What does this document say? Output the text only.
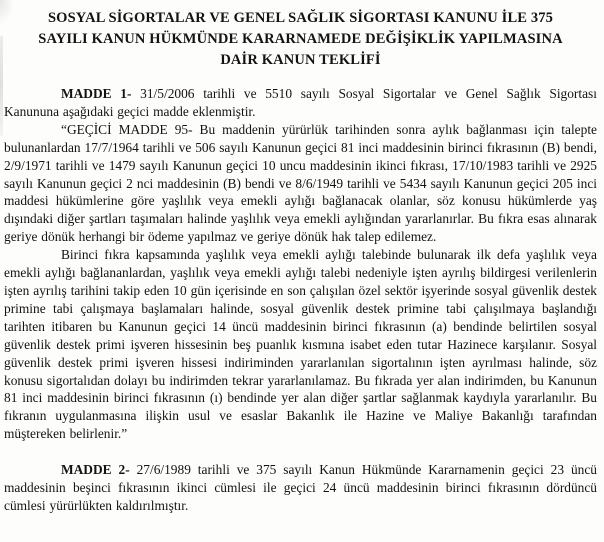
SOSYAL SİGORTALAR VE GENEL SAĞLIK SİGORTASI KANUNU İLE 375
SAYILI KANUN HÜKMÜNDE KARARNAMEDE DEĞİŞİKLİK YAPILMASINA
DAİR KANUN TEKLİFİ

MADDE 1- 31/5/2006 tarihli ve 5510 sayılı Sosyal Sigortalar ve Genel Sağlık Sigortası Kanununa aşağıdaki geçici madde eklenmiştir.

“GEÇİCİ MADDE 95- Bu maddenin yürürlük tarihinden sonra aylık bağlanması için talepte bulunanlardan 17/7/1964 tarihli ve 506 sayılı Kanunun geçici 81 inci maddesinin birinci fıkrasının (B) bendi, 2/9/1971 tarihli ve 1479 sayılı Kanunun geçici 10 uncu maddesinin ikinci fıkrası, 17/10/1983 tarihli ve 2925 sayılı Kanunun geçici 2 nci maddesinin (B) bendi ve 8/6/1949 tarihli ve 5434 sayılı Kanunun geçici 205 inci maddesi hükümlerine göre yaşlılık veya emekli aylığı bağlanacak olanlar, söz konusu hükümlerde yaş dışındaki diğer şartları taşımaları halinde yaşlılık veya emekli aylığından yararlanırlar. Bu fıkra esas alınarak geriye dönük herhangi bir ödeme yapılmaz ve geriye dönük hak talep edilemez.

Birinci fıkra kapsamında yaşlılık veya emekli aylığı talebinde bulunarak ilk defa yaşlılık veya emekli aylığı bağlananlardan, yaşlılık veya emekli aylığı talebi nedeniyle işten ayrılış bildirgesi verilenlerin işten ayrılış tarihini takip eden 10 gün içerisinde en son çalışılan özel sektör işyerinde sosyal güvenlik destek primine tabi çalışmaya başlamaları halinde, sosyal güvenlik destek primine tabi çalışılmaya başlandığı tarihten itibaren bu Kanunun geçici 14 üncü maddesinin birinci fıkrasının (a) bendinde belirtilen sosyal güvenlik destek primi işveren hissesinin beş puanlık kısmına isabet eden tutar Hazinece karşılanır. Sosyal güvenlik destek primi işveren hissesi indiriminden yararlanılan sigortalının işten ayrılması halinde, söz konusu sigortalıdan dolayı bu indirimden tekrar yararlanılamaz. Bu fıkrada yer alan indirimden, bu Kanunun 81 inci maddesinin birinci fıkrasının (ı) bendinde yer alan diğer şartlar sağlanmak kaydıyla yararlanılır. Bu fıkranın uygulanmasına ilişkin usul ve esaslar Bakanlık ile Hazine ve Maliye Bakanlığı tarafından müştereken belirlenir.”

MADDE 2- 27/6/1989 tarihli ve 375 sayılı Kanun Hükmünde Kararnamenin geçici 23 üncü maddesinin beşinci fıkrasının ikinci cümlesi ile geçici 24 üncü maddesinin birinci fıkrasının dördüncü cümlesi yürürlükten kaldırılmıştır.
